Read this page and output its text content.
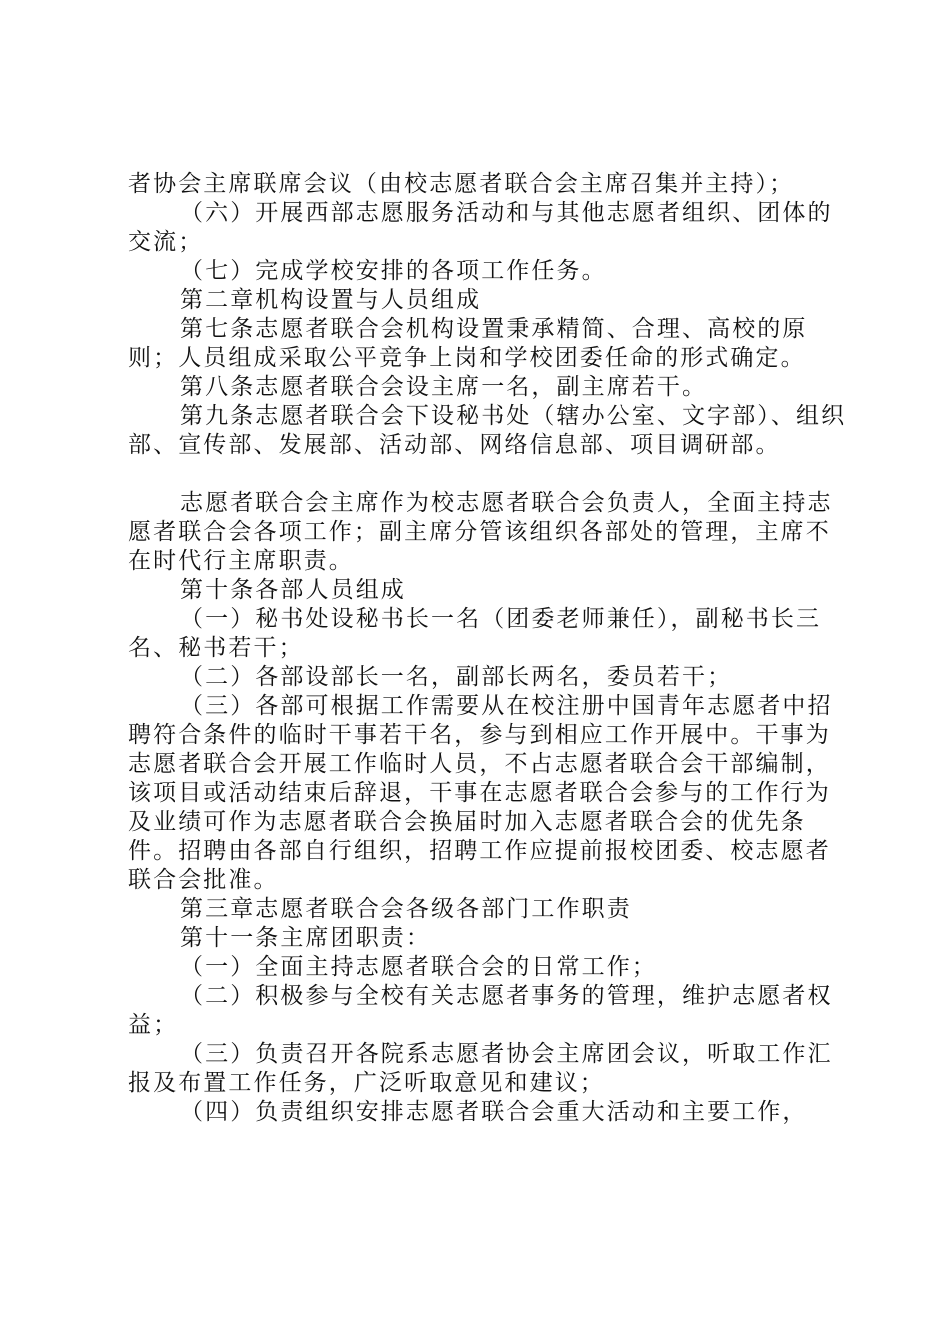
者协会主席联席会议（由校志愿者联合会主席召集并主持）；

（六）开展西部志愿服务活动和与其他志愿者组织、团体的交流；

（七）完成学校安排的各项工作任务。

第二章机构设置与人员组成

第七条志愿者联合会机构设置秉承精简、合理、高校的原则；人员组成采取公平竞争上岗和学校团委任命的形式确定。

第八条志愿者联合会设主席一名，副主席若干。

第九条志愿者联合会下设秘书处（辖办公室、文字部）、组织部、宣传部、发展部、活动部、网络信息部、项目调研部。

志愿者联合会主席作为校志愿者联合会负责人，全面主持志愿者联合会各项工作；副主席分管该组织各部处的管理，主席不在时代行主席职责。

第十条各部人员组成

（一）秘书处设秘书长一名（团委老师兼任），副秘书长三名、秘书若干；

（二）各部设部长一名，副部长两名，委员若干；

（三）各部可根据工作需要从在校注册中国青年志愿者中招聘符合条件的临时干事若干名，参与到相应工作开展中。干事为志愿者联合会开展工作临时人员，不占志愿者联合会干部编制，该项目或活动结束后辞退，干事在志愿者联合会参与的工作行为及业绩可作为志愿者联合会换届时加入志愿者联合会的优先条件。招聘由各部自行组织，招聘工作应提前报校团委、校志愿者联合会批准。

第三章志愿者联合会各级各部门工作职责

第十一条主席团职责：

（一）全面主持志愿者联合会的日常工作；

（二）积极参与全校有关志愿者事务的管理，维护志愿者权益；

（三）负责召开各院系志愿者协会主席团会议，听取工作汇报及布置工作任务，广泛听取意见和建议；

（四）负责组织安排志愿者联合会重大活动和主要工作，
